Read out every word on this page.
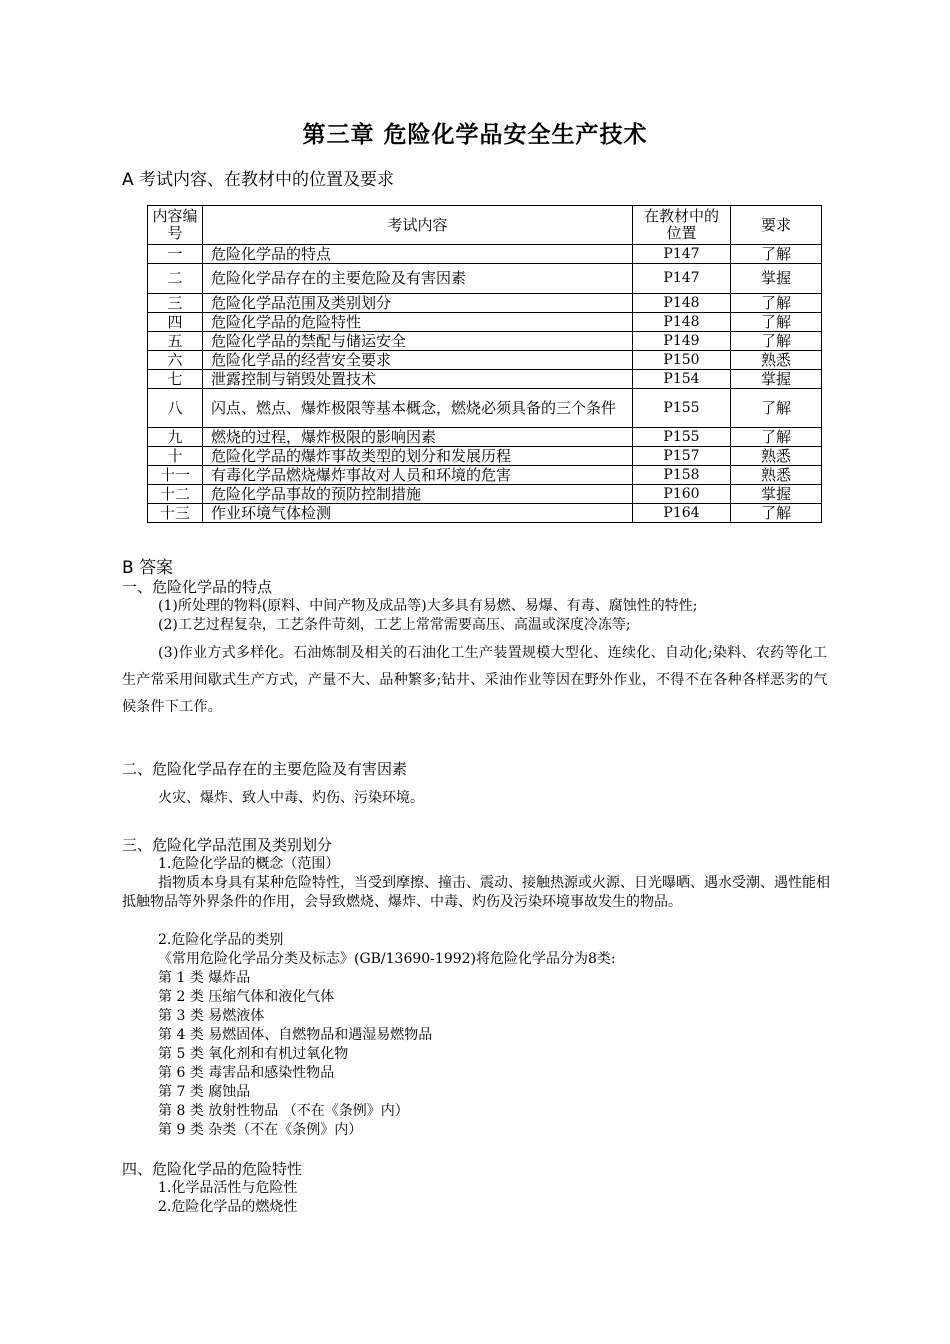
第三章 危险化学品安全生产技术
A 考试内容、在教材中的位置及要求
内容编号	考试内容	在教材中的位置	要求
一	危险化学品的特点	P147	了解
二	危险化学品存在的主要危险及有害因素	P147	掌握
三	危险化学品范围及类别划分	P148	了解
四	危险化学品的危险特性	P148	了解
五	危险化学品的禁配与储运安全	P149	了解
六	危险化学品的经营安全要求	P150	熟悉
七	泄露控制与销毁处置技术	P154	掌握
八	闪点、燃点、爆炸极限等基本概念，燃烧必须具备的三个条件	P155	了解
九	燃烧的过程，爆炸极限的影响因素	P155	了解
十	危险化学品的爆炸事故类型的划分和发展历程	P157	熟悉
十一	有毒化学品燃烧爆炸事故对人员和环境的危害	P158	熟悉
十二	危险化学品事故的预防控制措施	P160	掌握
十三	作业环境气体检测	P164	了解
B 答案
一、危险化学品的特点
(1)所处理的物料(原料、中间产物及成品等)大多具有易燃、易爆、有毒、腐蚀性的特性;
(2)工艺过程复杂，工艺条件苛刻，工艺上常常需要高压、高温或深度冷冻等;
(3)作业方式多样化。石油炼制及相关的石油化工生产装置规模大型化、连续化、自动化;染料、农药等化工生产常采用间歇式生产方式，产量不大、品种繁多;钻井、采油作业等因在野外作业，不得不在各种各样恶劣的气候条件下工作。
二、危险化学品存在的主要危险及有害因素
火灾、爆炸、致人中毒、灼伤、污染环境。
三、危险化学品范围及类别划分
1.危险化学品的概念（范围）
指物质本身具有某种危险特性，当受到摩擦、撞击、震动、接触热源或火源、日光曝晒、遇水受潮、遇性能相抵触物品等外界条件的作用，会导致燃烧、爆炸、中毒、灼伤及污染环境事故发生的物品。
2.危险化学品的类别
《常用危险化学品分类及标志》(GB/13690-1992)将危险化学品分为8类:
第 1 类 爆炸品
第 2 类 压缩气体和液化气体
第 3 类 易燃液体
第 4 类 易燃固体、自燃物品和遇湿易燃物品
第 5 类 氧化剂和有机过氧化物
第 6 类 毒害品和感染性物品
第 7 类 腐蚀品
第 8 类 放射性物品 （不在《条例》内）
第 9 类 杂类（不在《条例》内）
四、危险化学品的危险特性
1.化学品活性与危险性
2.危险化学品的燃烧性
